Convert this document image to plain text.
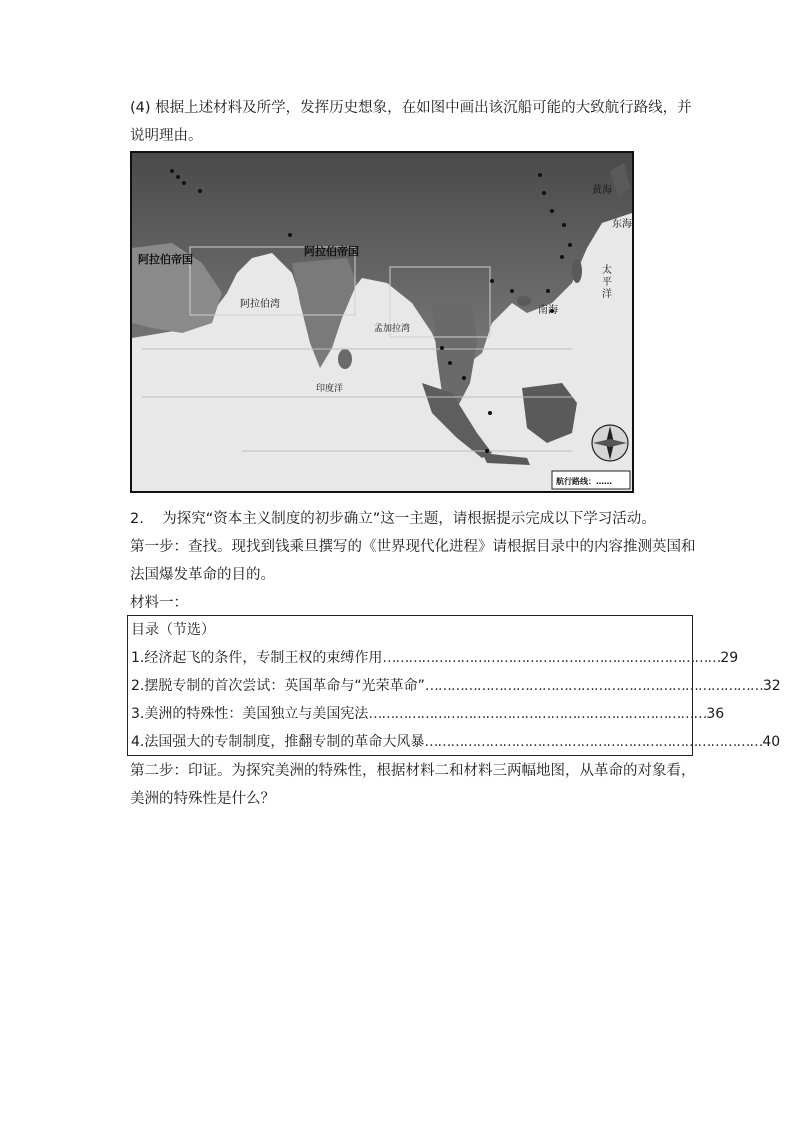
(4) 根据上述材料及所学，发挥历史想象，在如图中画出该沉船可能的大致航行路线，并说明理由。
阿拉伯帝国
阿拉伯帝国
阿拉伯湾
孟加拉湾
印度洋
南海
东海
黄海
太平洋
航行路线：……
2. 为探究“资本主义制度的初步确立”这一主题，请根据提示完成以下学习活动。
第一步：查找。现找到钱乘旦撰写的《世界现代化进程》请根据目录中的内容推测英国和法国爆发革命的目的。
材料一：
目录（节选）
1.经济起飞的条件，专制王权的束缚作用 …………………………………………………………………… 29
2.摆脱专制的首次尝试：英国革命与“光荣革命” …………………………………………………………………… 32
3.美洲的特殊性：美国独立与美国宪法 …………………………………………………………………… 36
4.法国强大的专制制度，推翻专制的革命大风暴 …………………………………………………………………… 40
第二步：印证。为探究美洲的特殊性，根据材料二和材料三两幅地图，从革命的对象看，美洲的特殊性是什么？
